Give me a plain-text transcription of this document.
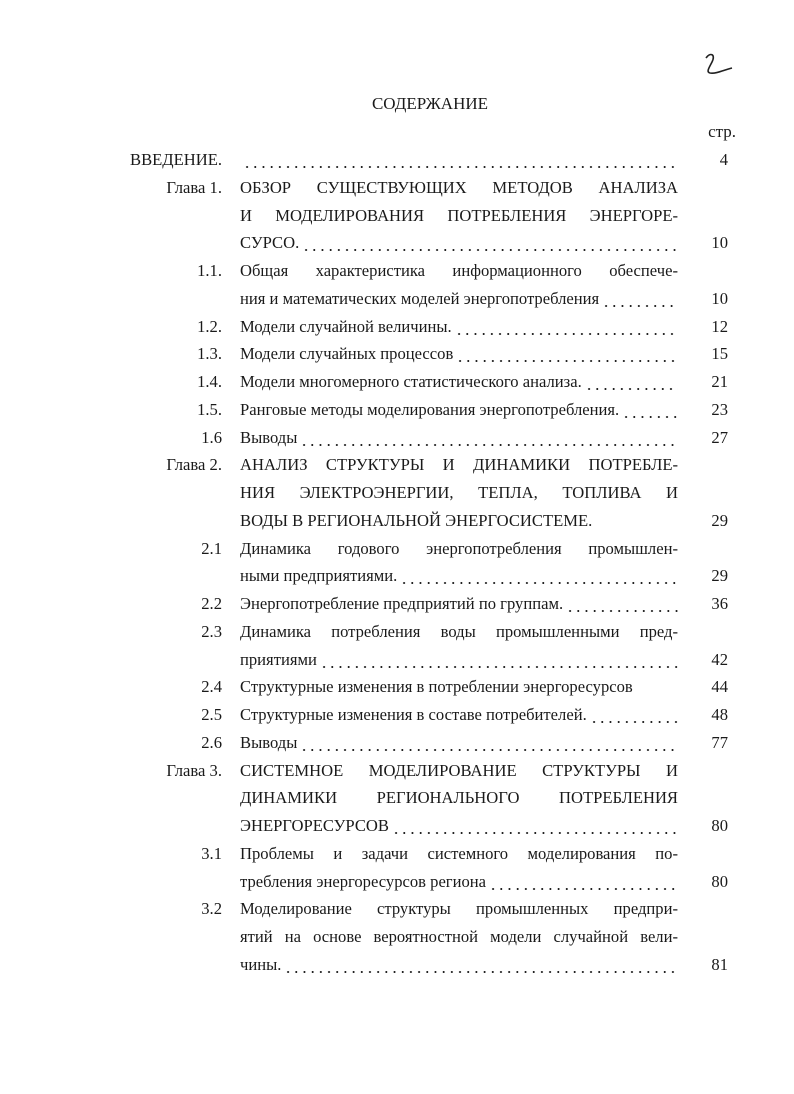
СОДЕРЖАНИЕ
стр.
ВВЕДЕНИЕ.	4
Глава 1. ОБЗОР СУЩЕСТВУЮЩИХ МЕТОДОВ АНАЛИЗА
И МОДЕЛИРОВАНИЯ ПОТРЕБЛЕНИЯ ЭНЕРГОРЕ-
СУРСО.	10
1.1. Общая характеристика информационного обеспече-
ния и математических моделей энергопотребления	10
1.2. Модели случайной величины.	12
1.3. Модели случайных процессов	15
1.4. Модели многомерного статистического анализа.	21
1.5. Ранговые методы моделирования энергопотребления.	23
1.6 Выводы	27
Глава 2. АНАЛИЗ СТРУКТУРЫ И ДИНАМИКИ ПОТРЕБЛЕ-
НИЯ ЭЛЕКТРОЭНЕРГИИ, ТЕПЛА, ТОПЛИВА И
ВОДЫ В РЕГИОНАЛЬНОЙ ЭНЕРГОСИСТЕМЕ.	29
2.1 Динамика годового энергопотребления промышлен-
ными предприятиями.	29
2.2 Энергопотребление предприятий по группам.	36
2.3 Динамика потребления воды промышленными пред-
приятиями	42
2.4 Структурные изменения в потреблении энергоресурсов	44
2.5 Структурные изменения в составе потребителей.	48
2.6 Выводы	77
Глава 3. СИСТЕМНОЕ МОДЕЛИРОВАНИЕ СТРУКТУРЫ И
ДИНАМИКИ РЕГИОНАЛЬНОГО ПОТРЕБЛЕНИЯ
ЭНЕРГОРЕСУРСОВ	80
3.1 Проблемы и задачи системного моделирования по-
требления энергоресурсов региона	80
3.2 Моделирование структуры промышленных предпри-
ятий на основе вероятностной модели случайной вели-
чины.	81
